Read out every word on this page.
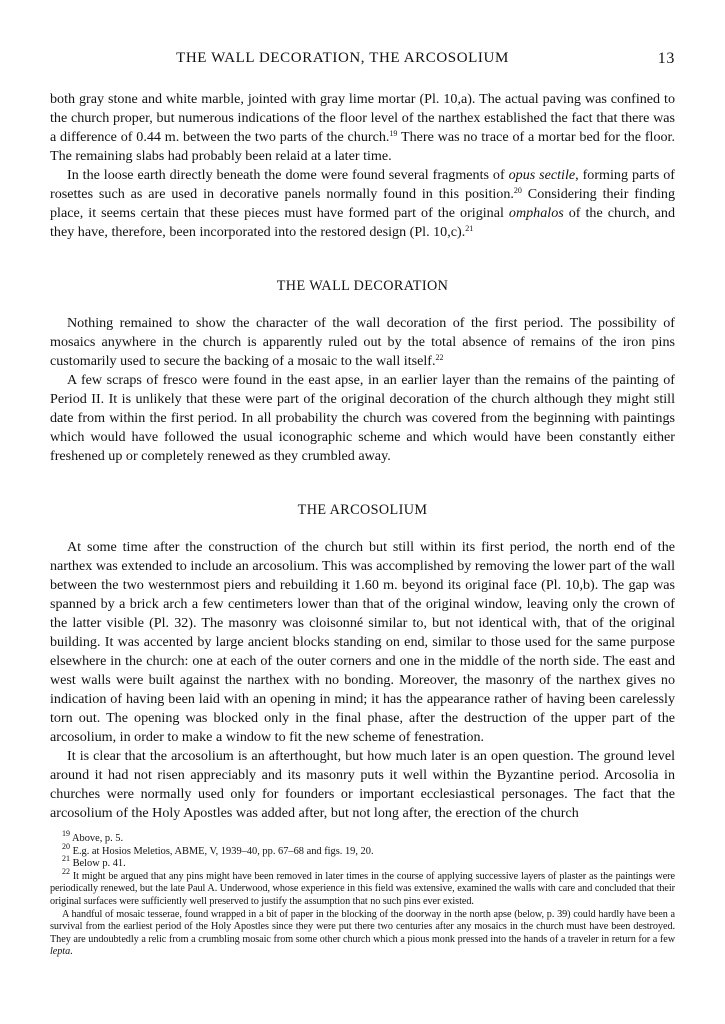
THE WALL DECORATION, THE ARCOSOLIUM	13

both gray stone and white marble, jointed with gray lime mortar (Pl. 10,a). The actual paving was confined to the church proper, but numerous indications of the floor level of the narthex established the fact that there was a difference of 0.44 m. between the two parts of the church.$^{19}$ There was no trace of a mortar bed for the floor. The remaining slabs had probably been relaid at a later time.

In the loose earth directly beneath the dome were found several fragments of opus sectile, forming parts of rosettes such as are used in decorative panels normally found in this position.$^{20}$ Considering their finding place, it seems certain that these pieces must have formed part of the original omphalos of the church, and they have, therefore, been incorporated into the restored design (Pl. 10,c).$^{21}$

THE WALL DECORATION

Nothing remained to show the character of the wall decoration of the first period. The possibility of mosaics anywhere in the church is apparently ruled out by the total absence of remains of the iron pins customarily used to secure the backing of a mosaic to the wall itself.$^{22}$

A few scraps of fresco were found in the east apse, in an earlier layer than the remains of the painting of Period II. It is unlikely that these were part of the original decoration of the church although they might still date from within the first period. In all probability the church was covered from the beginning with paintings which would have followed the usual iconographic scheme and which would have been constantly either freshened up or completely renewed as they crumbled away.

THE ARCOSOLIUM

At some time after the construction of the church but still within its first period, the north end of the narthex was extended to include an arcosolium. This was accomplished by removing the lower part of the wall between the two westernmost piers and rebuilding it 1.60 m. beyond its original face (Pl. 10,b). The gap was spanned by a brick arch a few centimeters lower than that of the original window, leaving only the crown of the latter visible (Pl. 32). The masonry was cloisonné similar to, but not identical with, that of the original building. It was accented by large ancient blocks standing on end, similar to those used for the same purpose elsewhere in the church: one at each of the outer corners and one in the middle of the north side. The east and west walls were built against the narthex with no bonding. Moreover, the masonry of the narthex gives no indication of having been laid with an opening in mind; it has the appearance rather of having been carelessly torn out. The opening was blocked only in the final phase, after the destruction of the upper part of the arcosolium, in order to make a window to fit the new scheme of fenestration.

It is clear that the arcosolium is an afterthought, but how much later is an open question. The ground level around it had not risen appreciably and its masonry puts it well within the Byzantine period. Arcosolia in churches were normally used only for founders or important ecclesiastical personages. The fact that the arcosolium of the Holy Apostles was added after, but not long after, the erection of the church

$^{19}$ Above, p. 5.

$^{20}$ E.g. at Hosios Meletios, ABME, V, 1939–40, pp. 67–68 and figs. 19, 20.

$^{21}$ Below p. 41.

$^{22}$ It might be argued that any pins might have been removed in later times in the course of applying successive layers of plaster as the paintings were periodically renewed, but the late Paul A. Underwood, whose experience in this field was extensive, examined the walls with care and concluded that their original surfaces were sufficiently well preserved to justify the assumption that no such pins ever existed.

A handful of mosaic tesserae, found wrapped in a bit of paper in the blocking of the doorway in the north apse (below, p. 39) could hardly have been a survival from the earliest period of the Holy Apostles since they were put there two centuries after any mosaics in the church must have been destroyed. They are undoubtedly a relic from a crumbling mosaic from some other church which a pious monk pressed into the hands of a traveler in return for a few lepta.
